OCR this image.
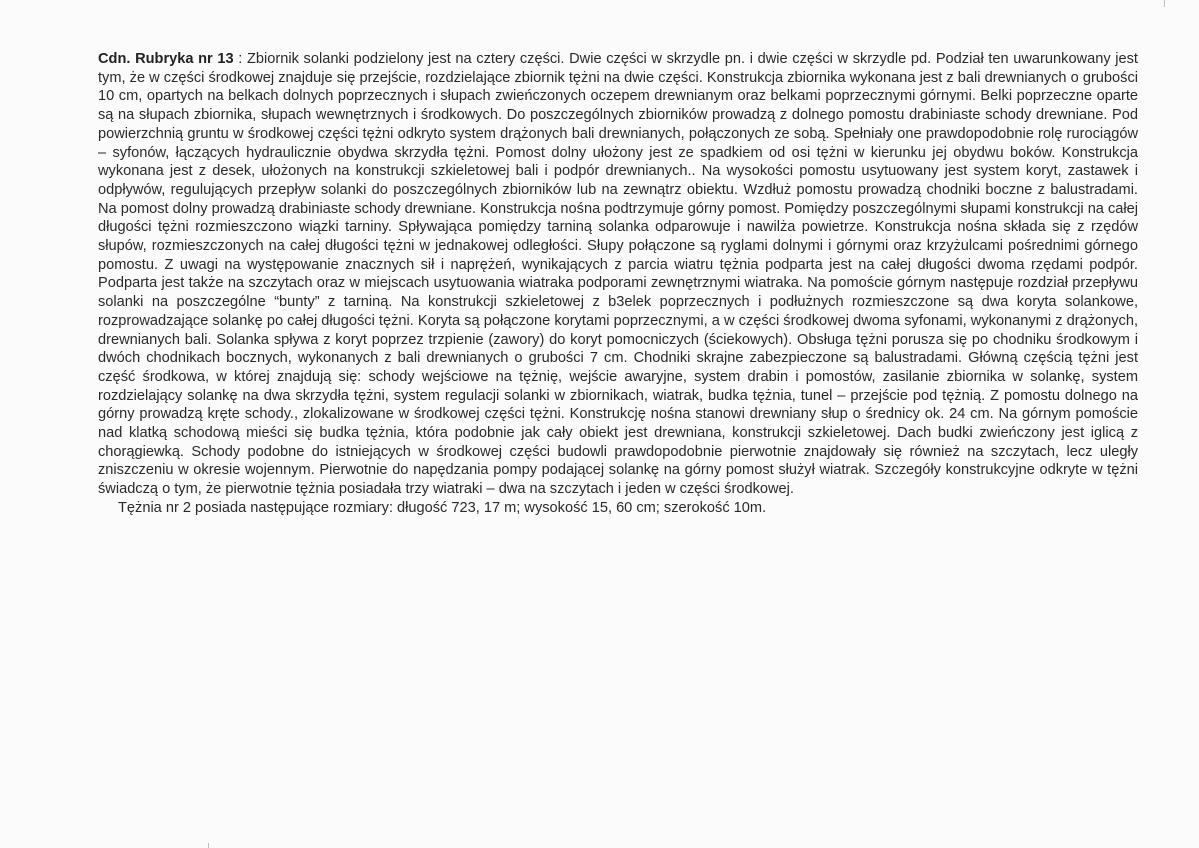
Cdn. Rubryka nr 13 : Zbiornik solanki podzielony jest na cztery części. Dwie części w skrzydle pn. i dwie części w skrzydle pd. Podział ten uwarunkowany jest tym, że w części środkowej znajduje się przejście, rozdzielające zbiornik tężni na dwie części. Konstrukcja zbiornika wykonana jest z bali drewnianych o grubości 10 cm, opartych na belkach dolnych poprzecznych i słupach zwieńczonych oczepem drewnianym oraz belkami poprzecznymi górnymi. Belki poprzeczne oparte są na słupach zbiornika, słupach wewnętrznych i środkowych. Do poszczególnych zbiorników prowadzą z dolnego pomostu drabiniaste schody drewniane. Pod powierzchnią gruntu w środkowej części tężni odkryto system drążonych bali drewnianych, połączonych ze sobą. Spełniały one prawdopodobnie rolę rurociągów – syfonów, łączących hydraulicznie obydwa skrzydła tężni. Pomost dolny ułożony jest ze spadkiem od osi tężni w kierunku jej obydwu boków. Konstrukcja wykonana jest z desek, ułożonych na konstrukcji szkieletowej bali i podpór drewnianych.. Na wysokości pomostu usytuowany jest system koryt, zastawek i odpływów, regulujących przepływ solanki do poszczególnych zbiorników lub na zewnątrz obiektu. Wzdłuż pomostu prowadzą chodniki boczne z balustradami. Na pomost dolny prowadzą drabiniaste schody drewniane. Konstrukcja nośna podtrzymuje górny pomost. Pomiędzy poszczególnymi słupami konstrukcji na całej długości tężni rozmieszczono wiązki tarniny. Spływająca pomiędzy tarniną solanka odparowuje i nawilża powietrze. Konstrukcja nośna składa się z rzędów słupów, rozmieszczonych na całej długości tężni w jednakowej odległości. Słupy połączone są ryglami dolnymi i górnymi oraz krzyżulcami pośrednimi górnego pomostu. Z uwagi na występowanie znacznych sił i naprężeń, wynikających z parcia wiatru tężnia podparta jest na całej długości dwoma rzędami podpór. Podparta jest także na szczytach oraz w miejscach usytuowania wiatraka podporami zewnętrznymi wiatraka. Na pomoście górnym następuje rozdział przepływu solanki na poszczególne “bunty” z tarniną. Na konstrukcji szkieletowej z b3elek poprzecznych i podłużnych rozmieszczone są dwa koryta solankowe, rozprowadzające solankę po całej długości tężni. Koryta są połączone korytami poprzecznymi, a w części środkowej dwoma syfonami, wykonanymi z drążonych, drewnianych bali. Solanka spływa z koryt poprzez trzpienie (zawory) do koryt pomocniczych (ściekowych). Obsługa tężni porusza się po chodniku środkowym i dwóch chodnikach bocznych, wykonanych z bali drewnianych o grubości 7 cm. Chodniki skrajne zabezpieczone są balustradami. Główną częścią tężni jest część środkowa, w której znajdują się: schody wejściowe na tężnię, wejście awaryjne, system drabin i pomostów, zasilanie zbiornika w solankę, system rozdzielający solankę na dwa skrzydła tężni, system regulacji solanki w zbiornikach, wiatrak, budka tężnia, tunel – przejście pod tężnią. Z pomostu dolnego na górny prowadzą kręte schody., zlokalizowane w środkowej części tężni. Konstrukcję nośna stanowi drewniany słup o średnicy ok. 24 cm. Na górnym pomoście nad klatką schodową mieści się budka tężnia, która podobnie jak cały obiekt jest drewniana, konstrukcji szkieletowej. Dach budki zwieńczony jest iglicą z chorągiewką. Schody podobne do istniejących w środkowej części budowli prawdopodobnie pierwotnie znajdowały się również na szczytach, lecz uległy zniszczeniu w okresie wojennym. Pierwotnie do napędzania pompy podającej solankę na górny pomost służył wiatrak. Szczegóły konstrukcyjne odkryte w tężni świadczą o tym, że pierwotnie tężnia posiadała trzy wiatraki – dwa na szczytach i jeden w części środkowej.

Tężnia nr 2 posiada następujące rozmiary: długość 723, 17 m; wysokość 15, 60 cm; szerokość 10m.
